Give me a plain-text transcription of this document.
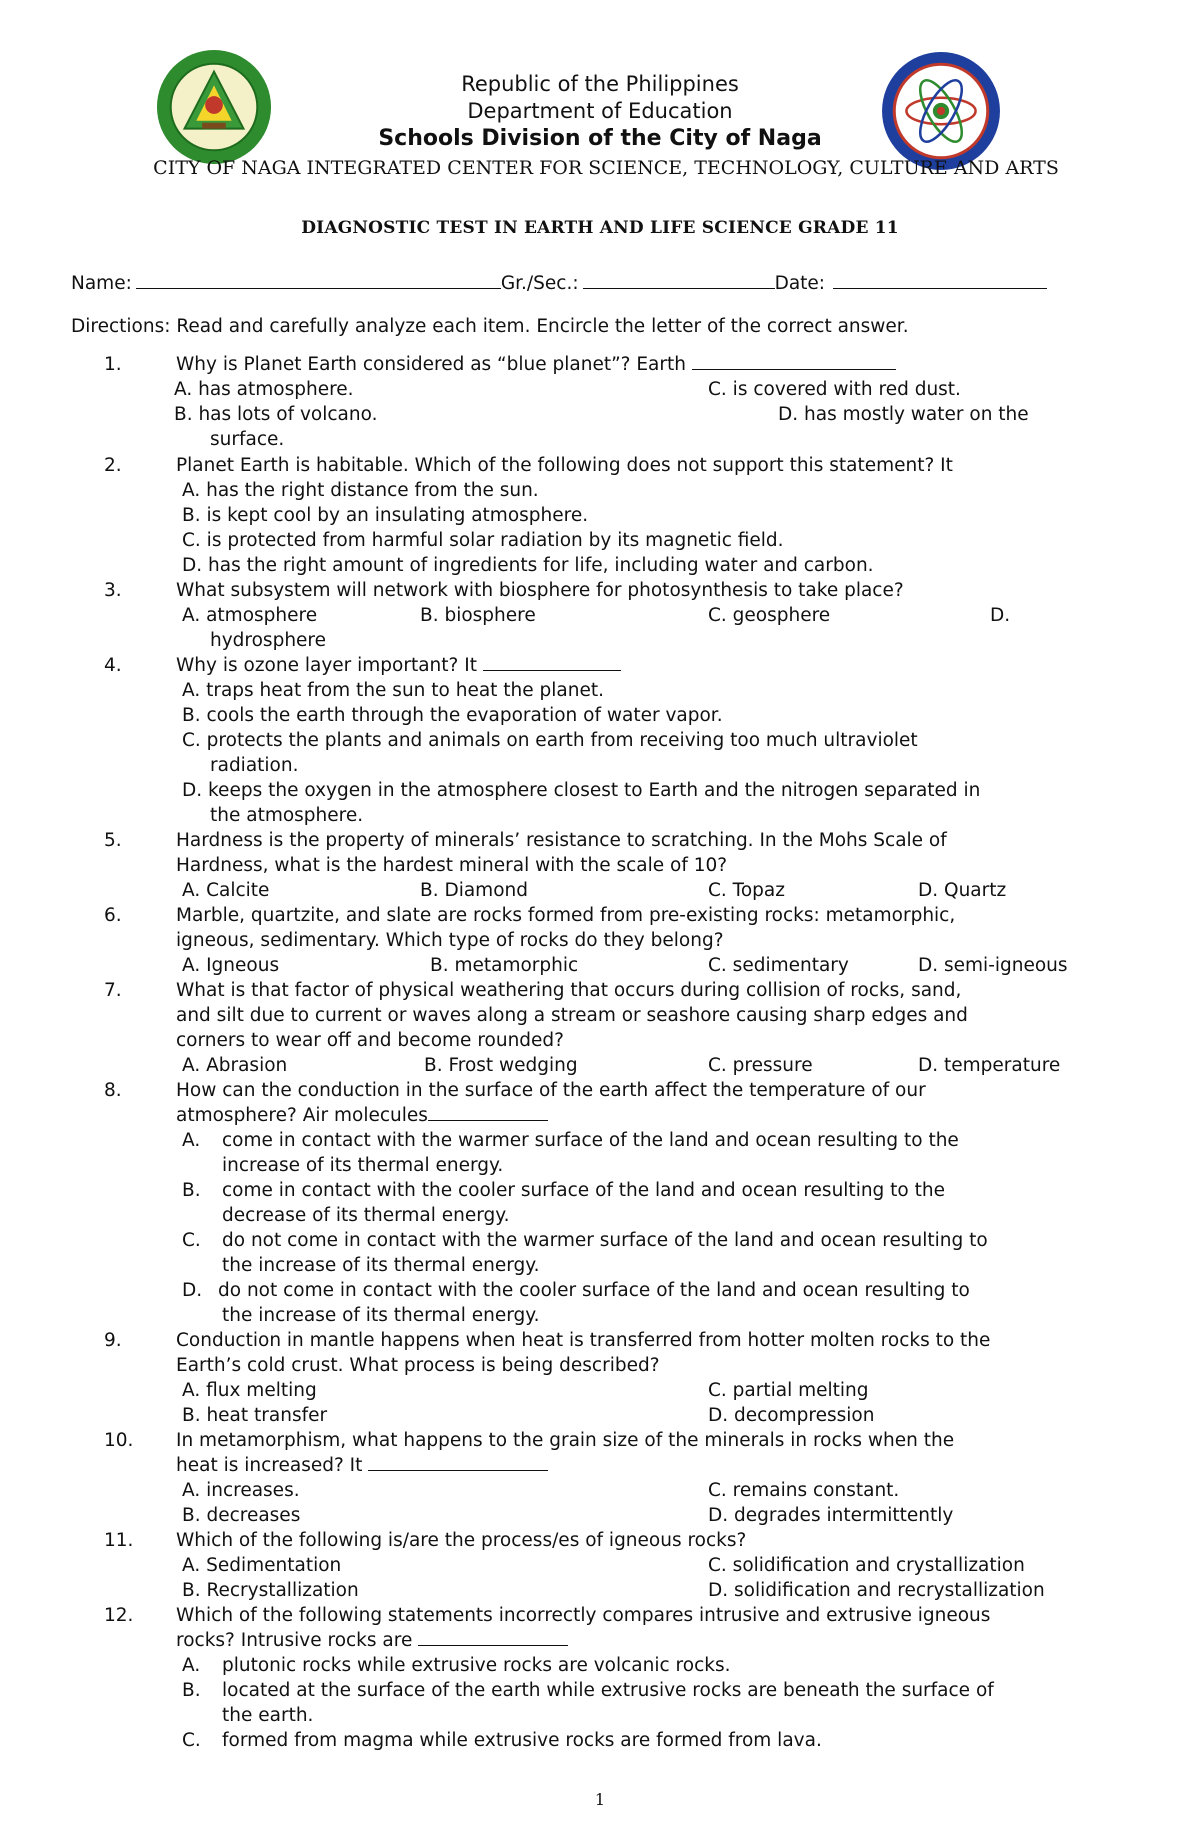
Republic of the Philippines
Department of Education
Schools Division of the City of Naga
CITY OF NAGA INTEGRATED CENTER FOR SCIENCE, TECHNOLOGY, CULTURE AND ARTS
DIAGNOSTIC TEST IN EARTH AND LIFE SCIENCE GRADE 11
Name:	Gr./Sec.:	Date:
Directions: Read and carefully analyze each item. Encircle the letter of the correct answer.
1.	Why is Planet Earth considered as “blue planet”? Earth
A. has atmosphere.	C. is covered with red dust.
B. has lots of volcano.	D. has mostly water on the
surface.
2.	Planet Earth is habitable. Which of the following does not support this statement? It
A. has the right distance from the sun.
B. is kept cool by an insulating atmosphere.
C. is protected from harmful solar radiation by its magnetic field.
D. has the right amount of ingredients for life, including water and carbon.
3.	What subsystem will network with biosphere for photosynthesis to take place?
A. atmosphere	B. biosphere	C. geosphere	D.
hydrosphere
4.	Why is ozone layer important? It
A. traps heat from the sun to heat the planet.
B. cools the earth through the evaporation of water vapor.
C. protects the plants and animals on earth from receiving too much ultraviolet
radiation.
D. keeps the oxygen in the atmosphere closest to Earth and the nitrogen separated in
the atmosphere.
5.	Hardness is the property of minerals’ resistance to scratching. In the Mohs Scale of
Hardness, what is the hardest mineral with the scale of 10?
A. Calcite	B. Diamond	C. Topaz	D. Quartz
6.	Marble, quartzite, and slate are rocks formed from pre-existing rocks: metamorphic,
igneous, sedimentary. Which type of rocks do they belong?
A. Igneous	B. metamorphic	C. sedimentary	D. semi-igneous
7.	What is that factor of physical weathering that occurs during collision of rocks, sand,
and silt due to current or waves along a stream or seashore causing sharp edges and
corners to wear off and become rounded?
A. Abrasion	B. Frost wedging	C. pressure	D. temperature
8.	How can the conduction in the surface of the earth affect the temperature of our
atmosphere? Air molecules
A. come in contact with the warmer surface of the land and ocean resulting to the
increase of its thermal energy.
B. come in contact with the cooler surface of the land and ocean resulting to the
decrease of its thermal energy.
C. do not come in contact with the warmer surface of the land and ocean resulting to
the increase of its thermal energy.
D. do not come in contact with the cooler surface of the land and ocean resulting to
the increase of its thermal energy.
9.	Conduction in mantle happens when heat is transferred from hotter molten rocks to the
Earth’s cold crust. What process is being described?
A. flux melting	C. partial melting
B. heat transfer	D. decompression
10. In metamorphism, what happens to the grain size of the minerals in rocks when the
heat is increased? It
A. increases.	C. remains constant.
B. decreases	D. degrades intermittently
11. Which of the following is/are the process/es of igneous rocks?
A. Sedimentation	C. solidification and crystallization
B. Recrystallization	D. solidification and recrystallization
12. Which of the following statements incorrectly compares intrusive and extrusive igneous
rocks? Intrusive rocks are
A. plutonic rocks while extrusive rocks are volcanic rocks.
B. located at the surface of the earth while extrusive rocks are beneath the surface of
the earth.
C. formed from magma while extrusive rocks are formed from lava.
1
